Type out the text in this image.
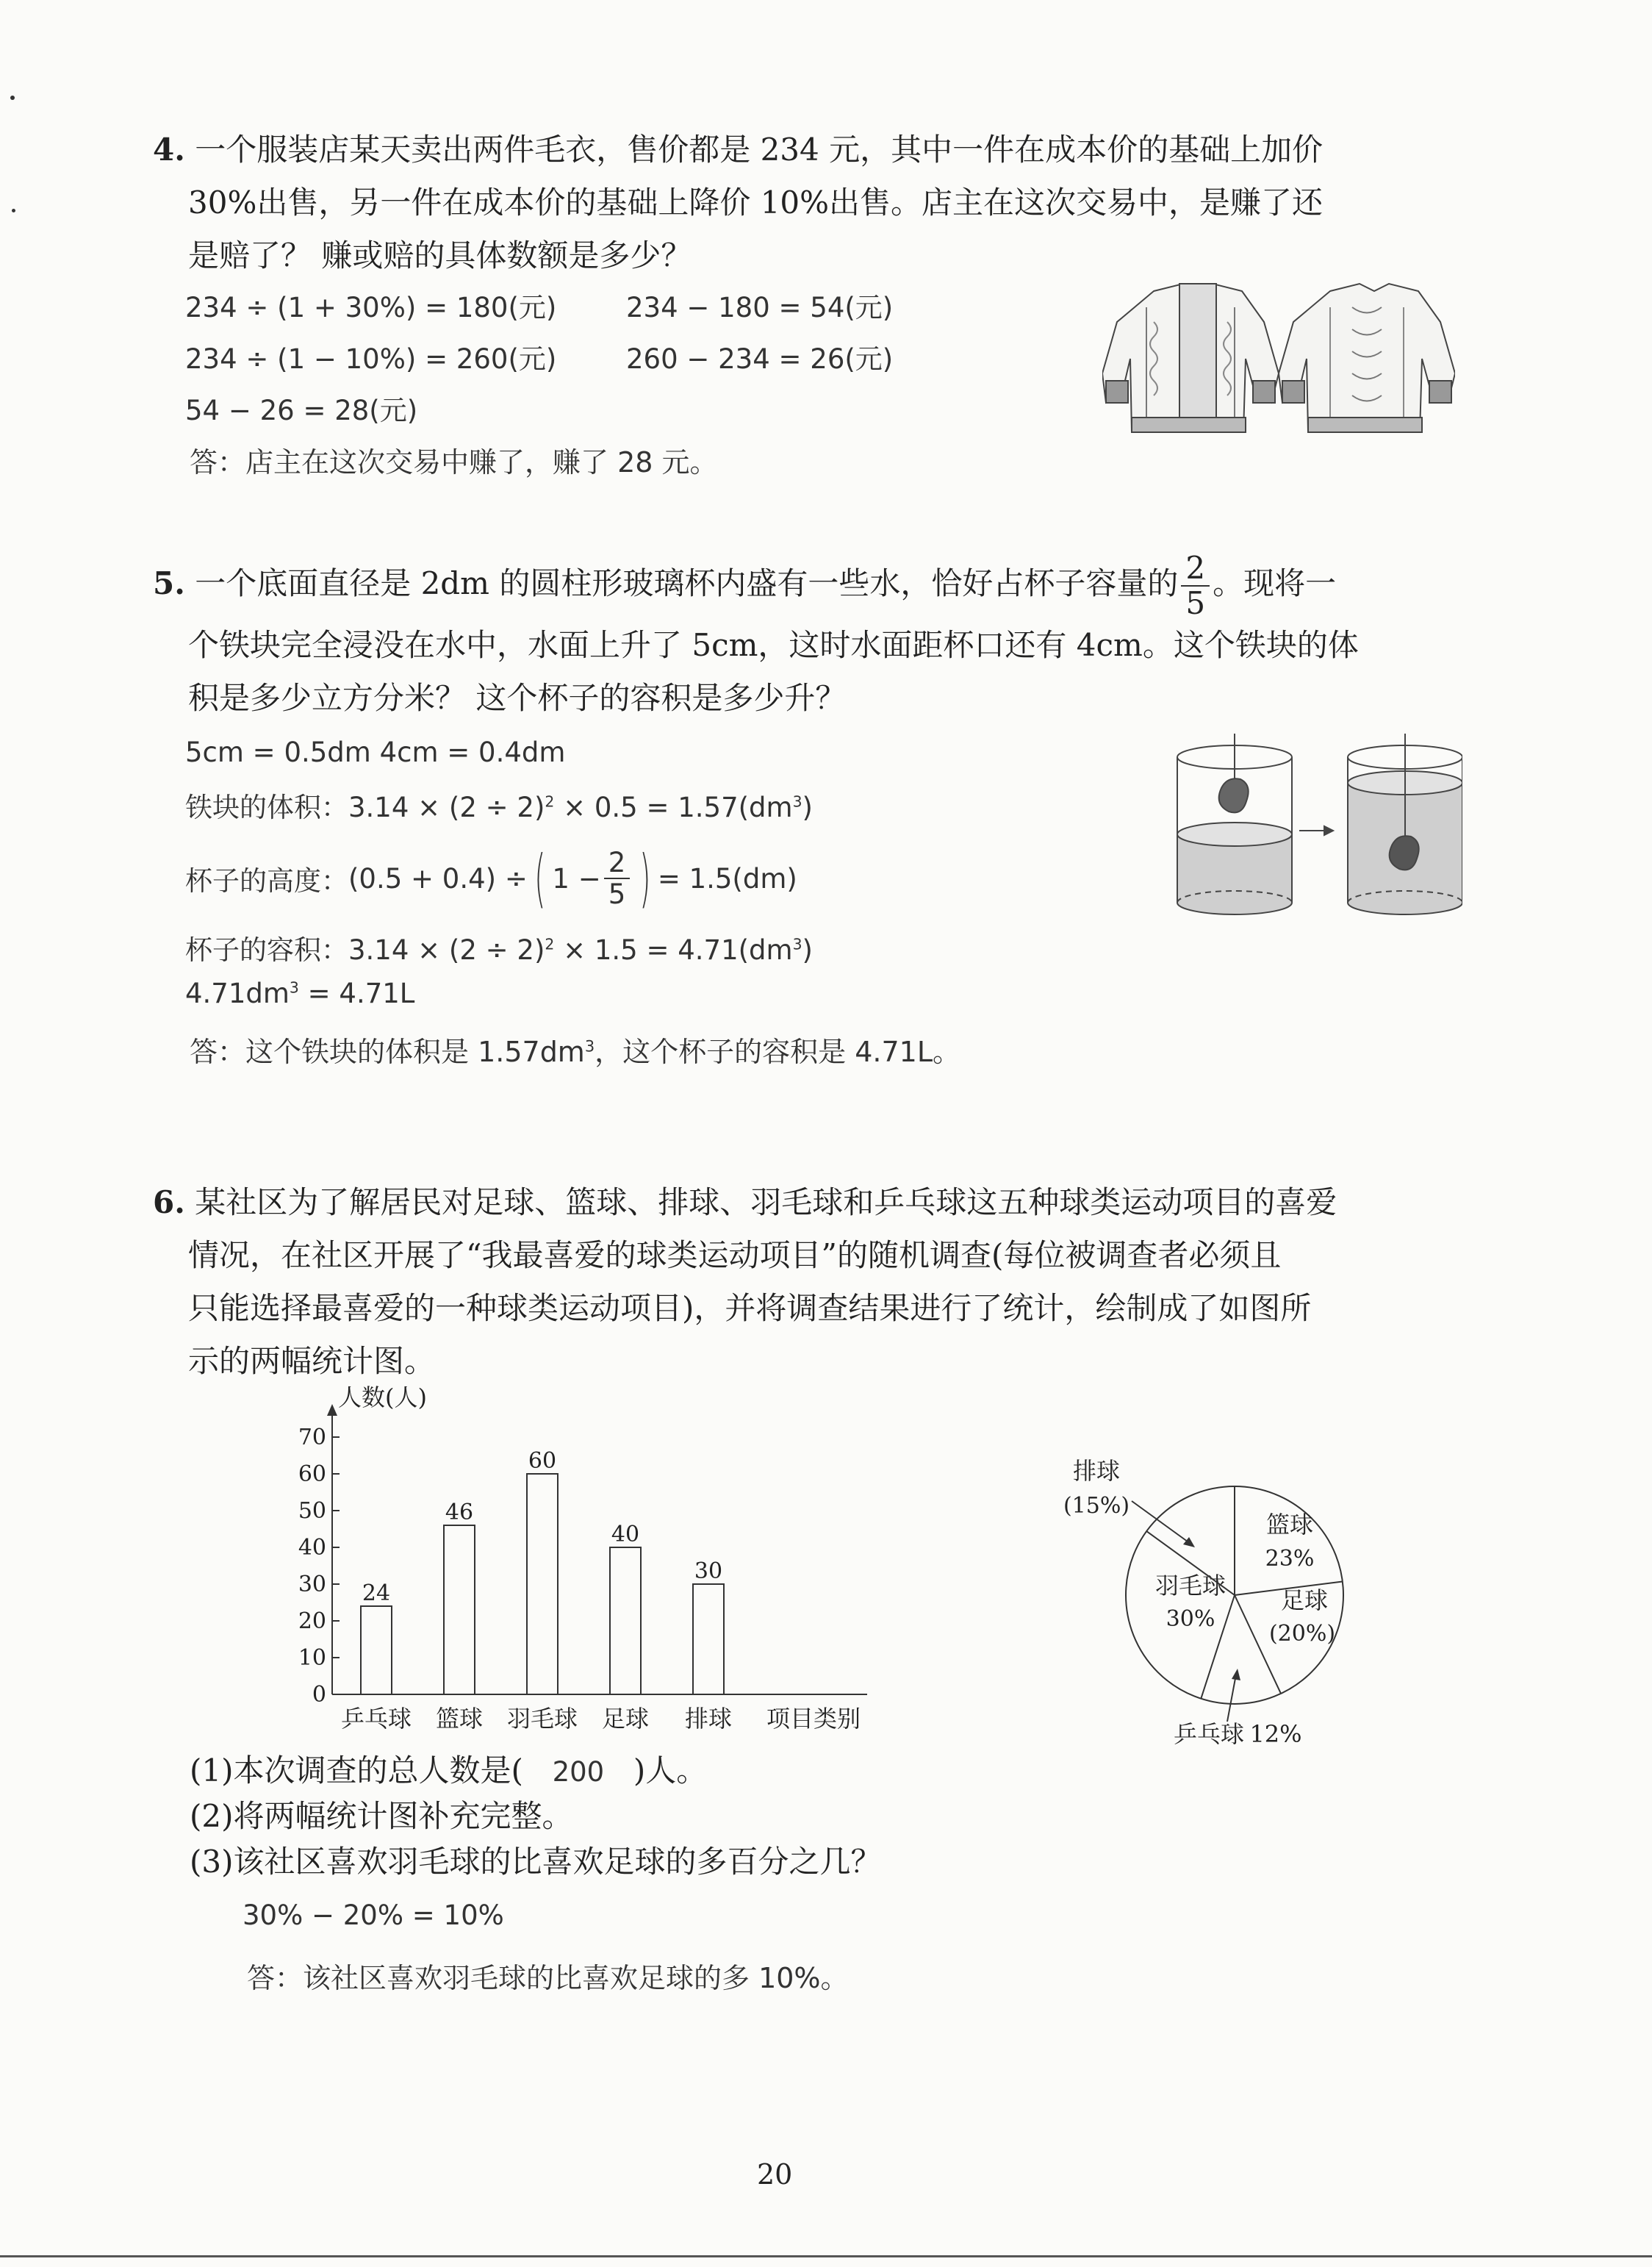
4. 一个服装店某天卖出两件毛衣，售价都是 234 元，其中一件在成本价的基础上加价
30%出售，另一件在成本价的基础上降价 10%出售。店主在这次交易中，是赚了还
是赔了？ 赚或赔的具体数额是多少？
234 ÷ (1 + 30%) = 180(元)	234 − 180 = 54(元)
234 ÷ (1 − 10%) = 260(元)	260 − 234 = 26(元)
54 − 26 = 28(元)
答：店主在这次交易中赚了，赚了 28 元。
5. 一个底面直径是 2dm 的圆柱形玻璃杯内盛有一些水，恰好占杯子容量的 $\frac{2}{5}$ 。现将一
个铁块完全浸没在水中，水面上升了 5cm，这时水面距杯口还有 4cm。这个铁块的体
积是多少立方分米？ 这个杯子的容积是多少升？
5cm = 0.5dm 4cm = 0.4dm
铁块的体积：$3.14 \times (2 \div 2)^2 \times 0.5 = 1.57(dm^3)$
杯子的高度： (0.5 + 0.4) ÷ ( $1 - \frac{2}{5}$ ) = 1.5(dm)
杯子的容积：$3.14 \times (2 \div 2)^2 \times 1.5 = 4.71(dm^3)$
$4.71dm^3 = 4.71L$
答：这个铁块的体积是 $1.57dm^3$，这个杯子的容积是 4.71L。
6. 某社区为了解居民对足球、篮球、排球、羽毛球和乒乓球这五种球类运动项目的喜爱
情况，在社区开展了“我最喜爱的球类运动项目”的随机调查(每位被调查者必须且
只能选择最喜爱的一种球类运动项目)，并将调查结果进行了统计，绘制成了如图所
示的两幅统计图。
人数(人)
0
10
20
30
40
50
60
70
24
乒乓球
46
篮球
60
羽毛球
40
足球
30
排球 项目类别
篮球
23%
足球
(20%)
乒乓球 12%
羽毛球
30%
排球
(15%)
(1)本次调查的总人数是( 200 )人。
(2)将两幅统计图补充完整。
(3)该社区喜欢羽毛球的比喜欢足球的多百分之几？
30% − 20% = 10%
答：该社区喜欢羽毛球的比喜欢足球的多 10%。
20
